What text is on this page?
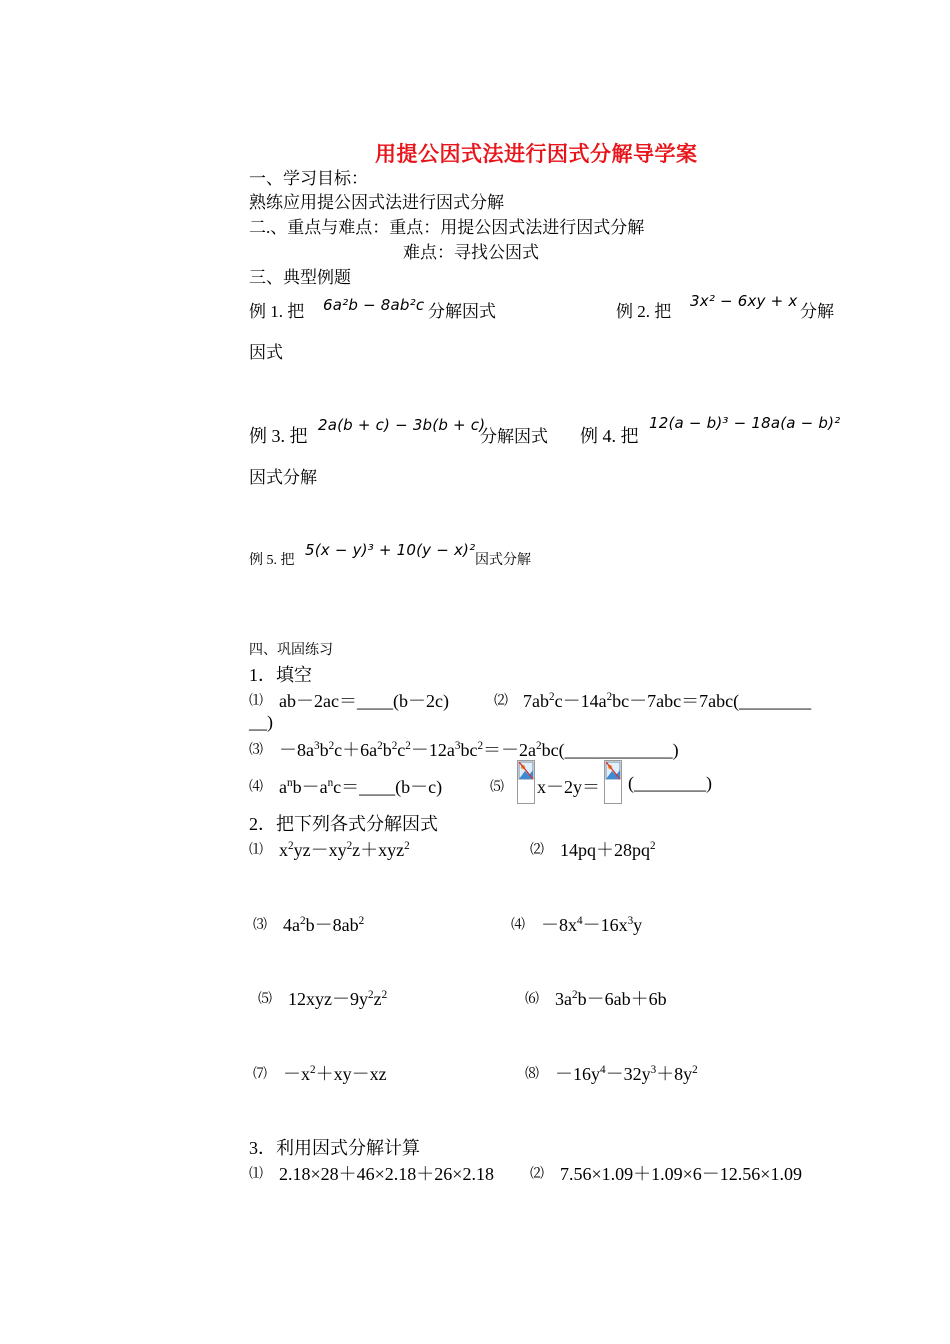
用提公因式法进行因式分解导学案
一、学习目标：
熟练应用提公因式法进行因式分解
二.、重点与难点：重点：用提公因式法进行因式分解
难点：寻找公因式
三、典型例题
例 1. 把 6a²b − 8ab²c 分解因式	例 2. 把
3x² − 6xy + x
分解
因式
例 3. 把
2a(b + c) − 3b(b + c)
分解因式 例 4. 把
12(a − b)³ − 18a(a − b)²
因式分解
例 5. 把
5(x − y)³ + 10(y − x)²
因式分解
四、巩固练习
1．填空
⑴ ab－2ac＝____(b－2c)	⑵ $7ab^2c-14a^2bc-7abc=7abc(\_\_\_\_\_\_\_\_$
__)
⑶ $-8a^3b^2c+6a^2b^2c^2-12a^3bc^2=-2a^2bc(\_\_\_\_\_\_\_\_\_\_\_\_)$
⑷ $a^nb-a^nc=\_\_\_\_(b-c)$	⑸ x－2y＝ (________)
2．把下列各式分解因式
⑴ $x^2yz-xy^2z+xyz^2$	⑵ $14pq+28pq^2$
⑶ $4a^2b-8ab^2$	⑷ $-8x^4-16x^3y$
⑸ $12xyz-9y^2z^2$	⑹ $3a^2b-6ab+6b$
⑺ $-x^2+xy-xz$	⑻ $-16y^4-32y^3+8y^2$
3．利用因式分解计算
⑴ 2.18×28＋46×2.18＋26×2.18	⑵ 7.56×1.09＋1.09×6－12.56×1.09
